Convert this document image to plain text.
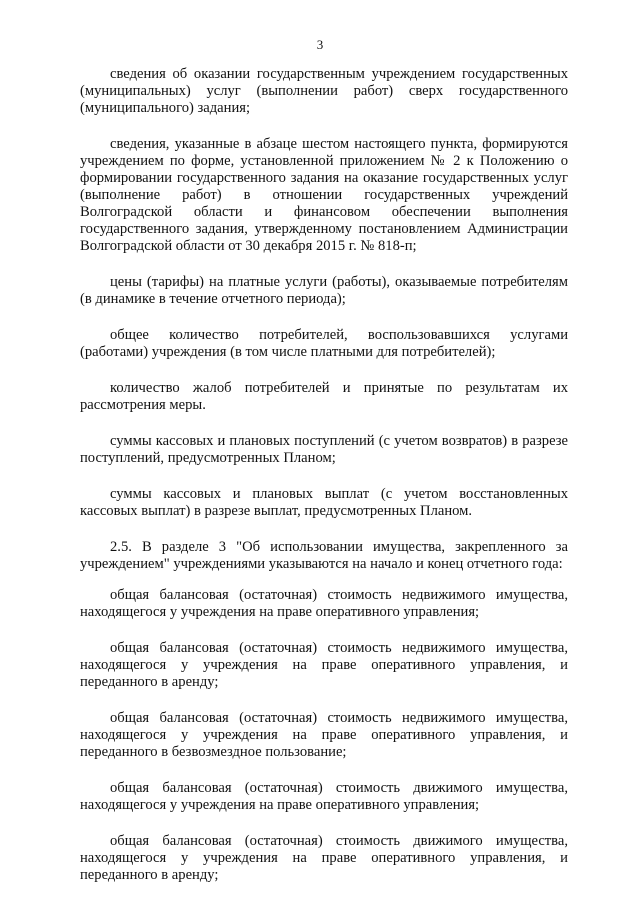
3

сведения об оказании государственным учреждением государственных (муниципальных) услуг (выполнении работ) сверх государственного (муниципального) задания;

сведения, указанные в абзаце шестом настоящего пункта, формируются учреждением по форме, установленной приложением № 2 к Положению о формировании государственного задания на оказание государственных услуг (выполнение работ) в отношении государственных учреждений Волгоградской области и финансовом обеспечении выполнения государственного задания, утвержденному постановлением Администрации Волгоградской области от 30 декабря 2015 г. № 818-п;

цены (тарифы) на платные услуги (работы), оказываемые потребителям (в динамике в течение отчетного периода);

общее количество потребителей, воспользовавшихся услугами (работами) учреждения (в том числе платными для потребителей);

количество жалоб потребителей и принятые по результатам их рассмотрения меры.

суммы кассовых и плановых поступлений (с учетом возвратов) в разрезе поступлений, предусмотренных Планом;

суммы кассовых и плановых выплат (с учетом восстановленных кассовых выплат) в разрезе выплат, предусмотренных Планом.

2.5. В разделе 3 "Об использовании имущества, закрепленного за учреждением" учреждениями указываются на начало и конец отчетного года:

общая балансовая (остаточная) стоимость недвижимого имущества, находящегося у учреждения на праве оперативного управления;

общая балансовая (остаточная) стоимость недвижимого имущества, находящегося у учреждения на праве оперативного управления, и переданного в аренду;

общая балансовая (остаточная) стоимость недвижимого имущества, находящегося у учреждения на праве оперативного управления, и переданного в безвозмездное пользование;

общая балансовая (остаточная) стоимость движимого имущества, находящегося у учреждения на праве оперативного управления;

общая балансовая (остаточная) стоимость движимого имущества, находящегося у учреждения на праве оперативного управления, и переданного в аренду;
